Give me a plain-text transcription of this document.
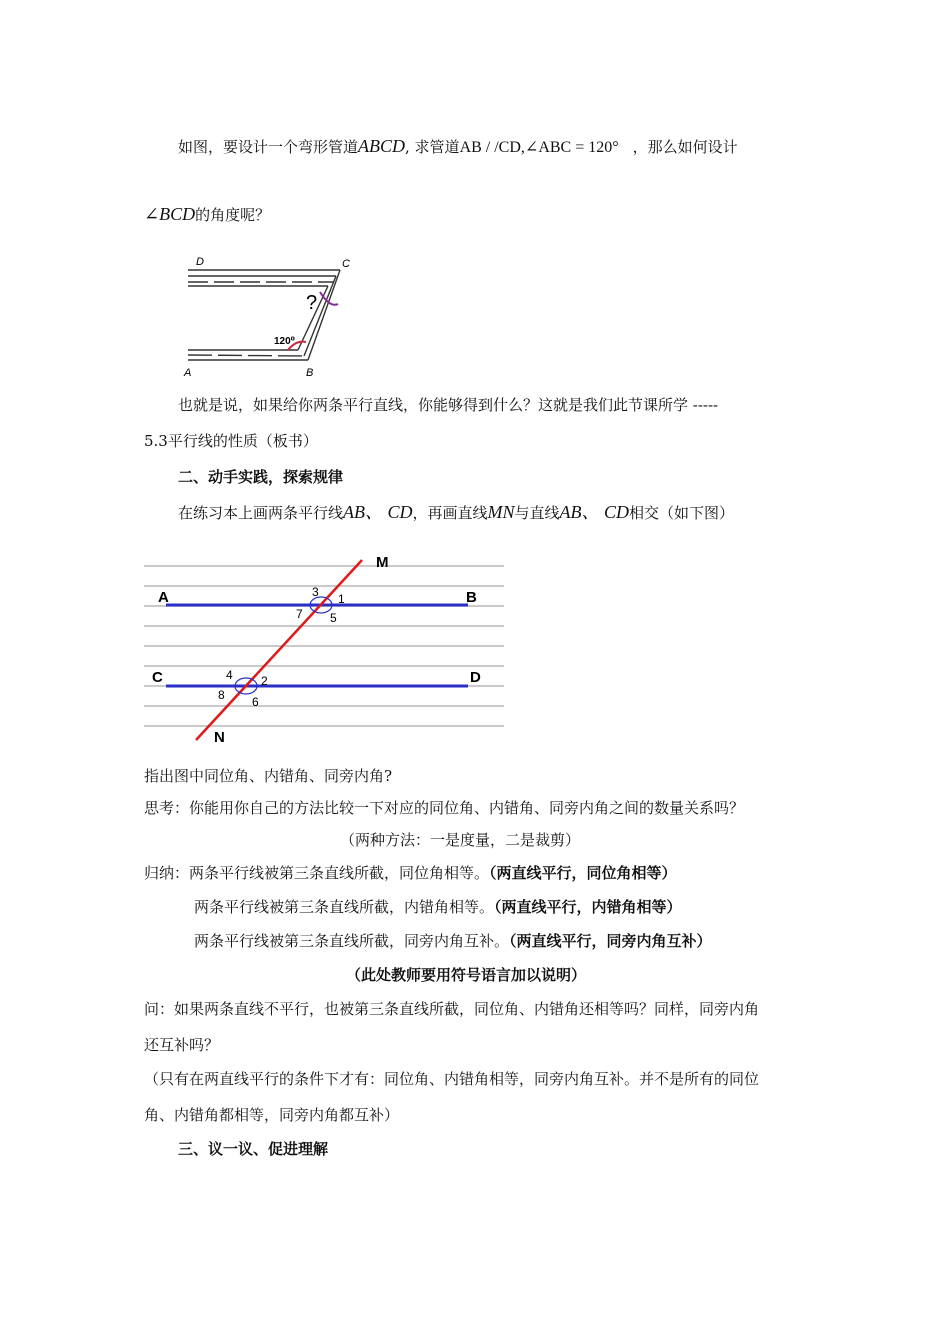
如图，要设计一个弯形管道ABCD, 求管道AB / /CD,∠ABC = 120° ，那么如何设计
∠BCD的角度呢？
D	C
A	B
?
120⁰
也就是说，如果给你两条平行直线，你能够得到什么？这就是我们此节课所学 -----
5.3平行线的性质（板书）
二、动手实践，探索规律
在练习本上画两条平行线AB、 CD，再画直线MN与直线AB、 CD相交（如下图）
M
N
A	B
C	D
3 1
7 5
4 2
8 6
指出图中同位角、内错角、同旁内角?
思考：你能用你自己的方法比较一下对应的同位角、内错角、同旁内角之间的数量关系吗？
（两种方法：一是度量，二是裁剪）
归纳：两条平行线被第三条直线所截，同位角相等。（两直线平行，同位角相等）
两条平行线被第三条直线所截，内错角相等。（两直线平行，内错角相等）
两条平行线被第三条直线所截，同旁内角互补。（两直线平行，同旁内角互补）
（此处教师要用符号语言加以说明）
问：如果两条直线不平行，也被第三条直线所截，同位角、内错角还相等吗？同样，同旁内角
还互补吗？
（只有在两直线平行的条件下才有：同位角、内错角相等，同旁内角互补。并不是所有的同位
角、内错角都相等，同旁内角都互补）
三、议一议、促进理解
